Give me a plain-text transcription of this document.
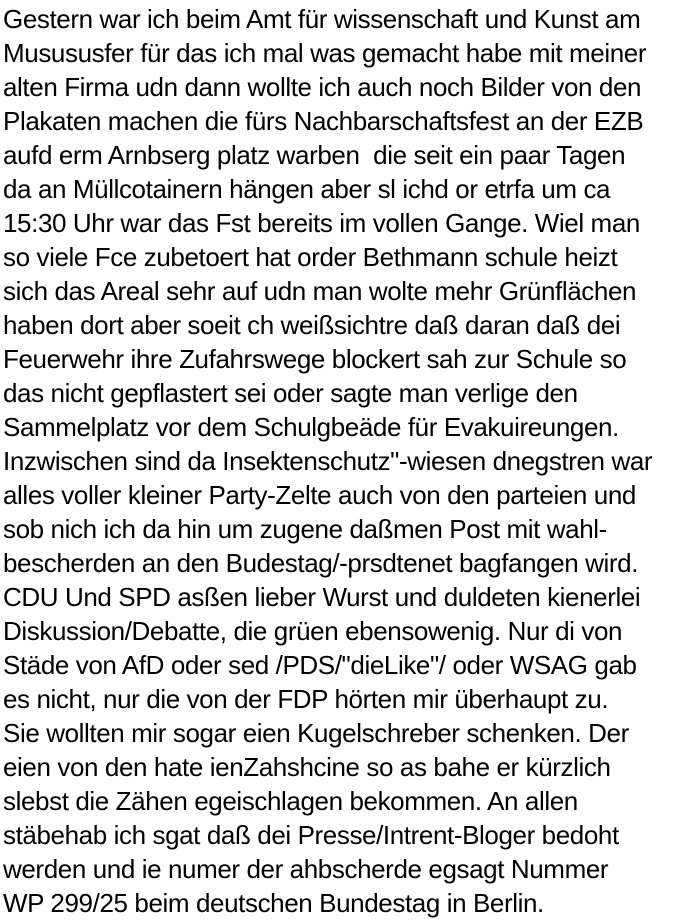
Gestern war ich beim Amt für wissenschaft und Kunst am
Musususfer für das ich mal was gemacht habe mit meiner
alten Firma udn dann wollte ich auch noch Bilder von den
Plakaten machen die fürs Nachbarschaftsfest an der EZB
aufd erm Arnbserg platz warben  die seit ein paar Tagen
da an Müllcotainern hängen aber sl ichd or etrfa um ca
15:30 Uhr war das Fst bereits im vollen Gange. Wiel man
so viele Fce zubetoert hat order Bethmann schule heizt
sich das Areal sehr auf udn man wolte mehr Grünflächen
haben dort aber soeit ch weißsichtre daß daran daß dei
Feuerwehr ihre Zufahrswege blockert sah zur Schule so
das nicht gepflastert sei oder sagte man verlige den
Sammelplatz vor dem Schulgbeäde für Evakuireungen.
Inzwischen sind da Insektenschutz"-wiesen dnegstren war
alles voller kleiner Party-Zelte auch von den parteien und
sob nich ich da hin um zugene daßmen Post mit wahl-
bescherden an den Budestag/-prsdtenet bagfangen wird.
CDU Und SPD asßen lieber Wurst und duldeten kienerlei
Diskussion/Debatte, die grüen ebensowenig. Nur di von
Städe von AfD oder sed /PDS/"dieLike"/ oder WSAG gab
es nicht, nur die von der FDP hörten mir überhaupt zu.
Sie wollten mir sogar eien Kugelschreber schenken. Der
eien von den hate ienZahshcine so as bahe er kürzlich
slebst die Zähen egeischlagen bekommen. An allen
stäbehab ich sgat daß dei Presse/Intrent-Bloger bedoht
werden und ie numer der ahbscherde egsagt Nummer
WP 299/25 beim deutschen Bundestag in Berlin.
